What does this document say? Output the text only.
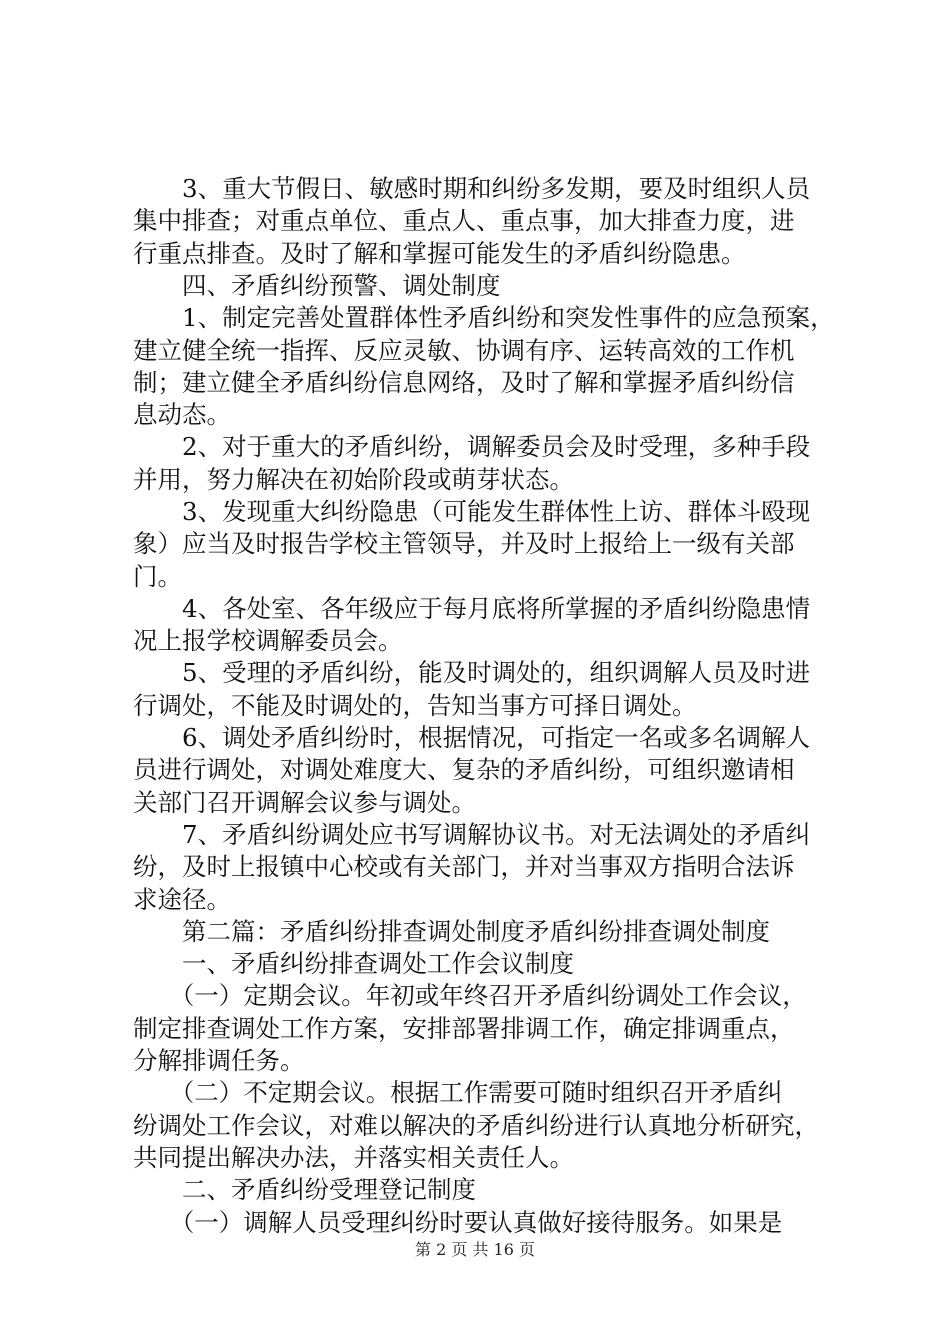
　　3、重大节假日、敏感时期和纠纷多发期，要及时组织人员
集中排查；对重点单位、重点人、重点事，加大排查力度，进
行重点排查。及时了解和掌握可能发生的矛盾纠纷隐患。
　　四、矛盾纠纷预警、调处制度
　　1、制定完善处置群体性矛盾纠纷和突发性事件的应急预案，
建立健全统一指挥、反应灵敏、协调有序、运转高效的工作机
制；建立健全矛盾纠纷信息网络，及时了解和掌握矛盾纠纷信
息动态。
　　2、对于重大的矛盾纠纷，调解委员会及时受理，多种手段
并用，努力解决在初始阶段或萌芽状态。
　　3、发现重大纠纷隐患（可能发生群体性上访、群体斗殴现
象）应当及时报告学校主管领导，并及时上报给上一级有关部
门。
　　4、各处室、各年级应于每月底将所掌握的矛盾纠纷隐患情
况上报学校调解委员会。
　　5、受理的矛盾纠纷，能及时调处的，组织调解人员及时进
行调处，不能及时调处的，告知当事方可择日调处。
　　6、调处矛盾纠纷时，根据情况，可指定一名或多名调解人
员进行调处，对调处难度大、复杂的矛盾纠纷，可组织邀请相
关部门召开调解会议参与调处。
　　7、矛盾纠纷调处应书写调解协议书。对无法调处的矛盾纠
纷，及时上报镇中心校或有关部门，并对当事双方指明合法诉
求途径。
　　第二篇：矛盾纠纷排查调处制度矛盾纠纷排查调处制度
　　一、矛盾纠纷排查调处工作会议制度
　　（一）定期会议。年初或年终召开矛盾纠纷调处工作会议，
制定排查调处工作方案，安排部署排调工作，确定排调重点，
分解排调任务。
　　（二）不定期会议。根据工作需要可随时组织召开矛盾纠
纷调处工作会议，对难以解决的矛盾纠纷进行认真地分析研究，
共同提出解决办法，并落实相关责任人。
　　二、矛盾纠纷受理登记制度
　　（一）调解人员受理纠纷时要认真做好接待服务。如果是
第 2 页 共 16 页
